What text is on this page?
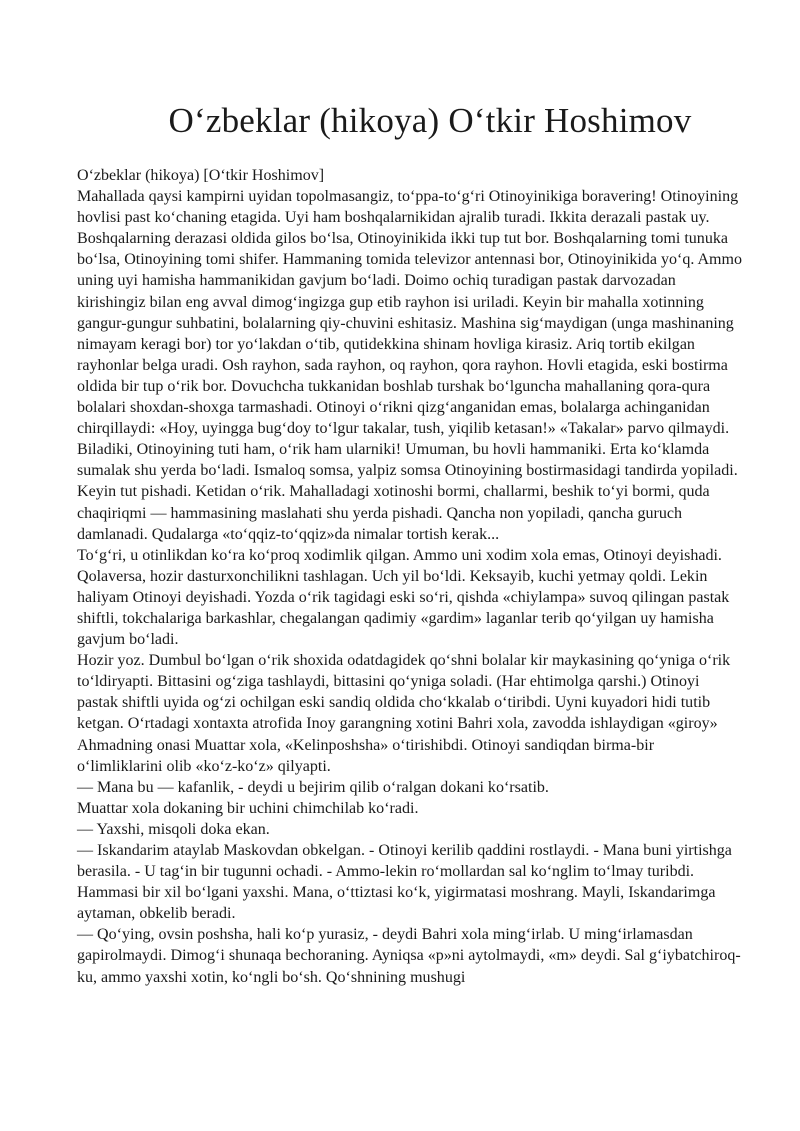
Oʻzbeklar (hikoya) Oʻtkir Hoshimov

Oʻzbeklar (hikoya) [Oʻtkir Hoshimov]

Mahallada qaysi kampirni uyidan topolmasangiz, toʻppa-toʻgʻri Otinoyinikiga boravering! Otinoyining hovlisi past koʻchaning etagida. Uyi ham boshqalarnikidan ajralib turadi. Ikkita derazali pastak uy. Boshqalarning derazasi oldida gilos boʻlsa, Otinoyinikida ikki tup tut bor. Boshqalarning tomi tunuka boʻlsa, Otinoyining tomi shifer. Hammaning tomida televizor antennasi bor, Otinoyinikida yoʻq. Ammo uning uyi hamisha hammanikidan gavjum boʻladi. Doimo ochiq turadigan pastak darvozadan kirishingiz bilan eng avval dimogʻingizga gup etib rayhon isi uriladi. Keyin bir mahalla xotinning gangur-gungur suhbatini, bolalarning qiy-chuvini eshitasiz. Mashina sigʻmaydigan (unga mashinaning nimayam keragi bor) tor yoʻlakdan oʻtib, qutidekkina shinam hovliga kirasiz. Ariq tortib ekilgan rayhonlar belga uradi. Osh rayhon, sada rayhon, oq rayhon, qora rayhon. Hovli etagida, eski bostirma oldida bir tup oʻrik bor. Dovuchcha tukkanidan boshlab turshak boʻlguncha mahallaning qora-qura bolalari shoxdan-shoxga tarmashadi. Otinoyi oʻrikni qizgʻanganidan emas, bolalarga achinganidan chirqillaydi: «Hoy, uyingga bugʻdoy toʻlgur takalar, tush, yiqilib ketasan!» «Takalar» parvo qilmaydi. Biladiki, Otinoyining tuti ham, oʻrik ham ularniki! Umuman, bu hovli hammaniki. Erta koʻklamda sumalak shu yerda boʻladi. Ismaloq somsa, yalpiz somsa Otinoyining bostirmasidagi tandirda yopiladi. Keyin tut pishadi. Ketidan oʻrik. Mahalladagi xotinoshi bormi, challarmi, beshik toʻyi bormi, quda chaqiriqmi — hammasining maslahati shu yerda pishadi. Qancha non yopiladi, qancha guruch damlanadi. Qudalarga «toʻqqiz-toʻqqiz»da nimalar tortish kerak...

Toʻgʻri, u otinlikdan koʻra koʻproq xodimlik qilgan. Ammo uni xodim xola emas, Otinoyi deyishadi. Qolaversa, hozir dasturxonchilikni tashlagan. Uch yil boʻldi. Keksayib, kuchi yetmay qoldi. Lekin haliyam Otinoyi deyishadi. Yozda oʻrik tagidagi eski soʻri, qishda «chiylampa» suvoq qilingan pastak shiftli, tokchalariga barkashlar, chegalangan qadimiy «gardim» laganlar terib qoʻyilgan uy hamisha gavjum boʻladi.

Hozir yoz. Dumbul boʻlgan oʻrik shoxida odatdagidek qoʻshni bolalar kir maykasining qoʻyniga oʻrik toʻldiryapti. Bittasini ogʻziga tashlaydi, bittasini qoʻyniga soladi. (Har ehtimolga qarshi.) Otinoyi pastak shiftli uyida ogʻzi ochilgan eski sandiq oldida choʻkkalab oʻtiribdi. Uyni kuyadori hidi tutib ketgan. Oʻrtadagi xontaxta atrofida Inoy garangning xotini Bahri xola, zavodda ishlaydigan «giroy» Ahmadning onasi Muattar xola, «Kelinposhsha» oʻtirishibdi. Otinoyi sandiqdan birma-bir oʻlimliklarini olib «koʻz-koʻz» qilyapti.

— Mana bu — kafanlik, - deydi u bejirim qilib oʻralgan dokani koʻrsatib.

Muattar xola dokaning bir uchini chimchilab koʻradi.

— Yaxshi, misqoli doka ekan.

— Iskandarim ataylab Maskovdan obkelgan. - Otinoyi kerilib qaddini rostlaydi. - Mana buni yirtishga berasila. - U tagʻin bir tugunni ochadi. - Ammo-lekin roʻmollardan sal koʻnglim toʻlmay turibdi. Hammasi bir xil boʻlgani yaxshi. Mana, oʻttiztasi koʻk, yigirmatasi moshrang. Mayli, Iskandarimga aytaman, obkelib beradi.

— Qoʻying, ovsin poshsha, hali koʻp yurasiz, - deydi Bahri xola mingʻirlab. U mingʻirlamasdan gapirolmaydi. Dimogʻi shunaqa bechoraning. Ayniqsa «p»ni aytolmaydi, «m» deydi. Sal gʻiybatchiroq-ku, ammo yaxshi xotin, koʻngli boʻsh. Qoʻshnining mushugi
